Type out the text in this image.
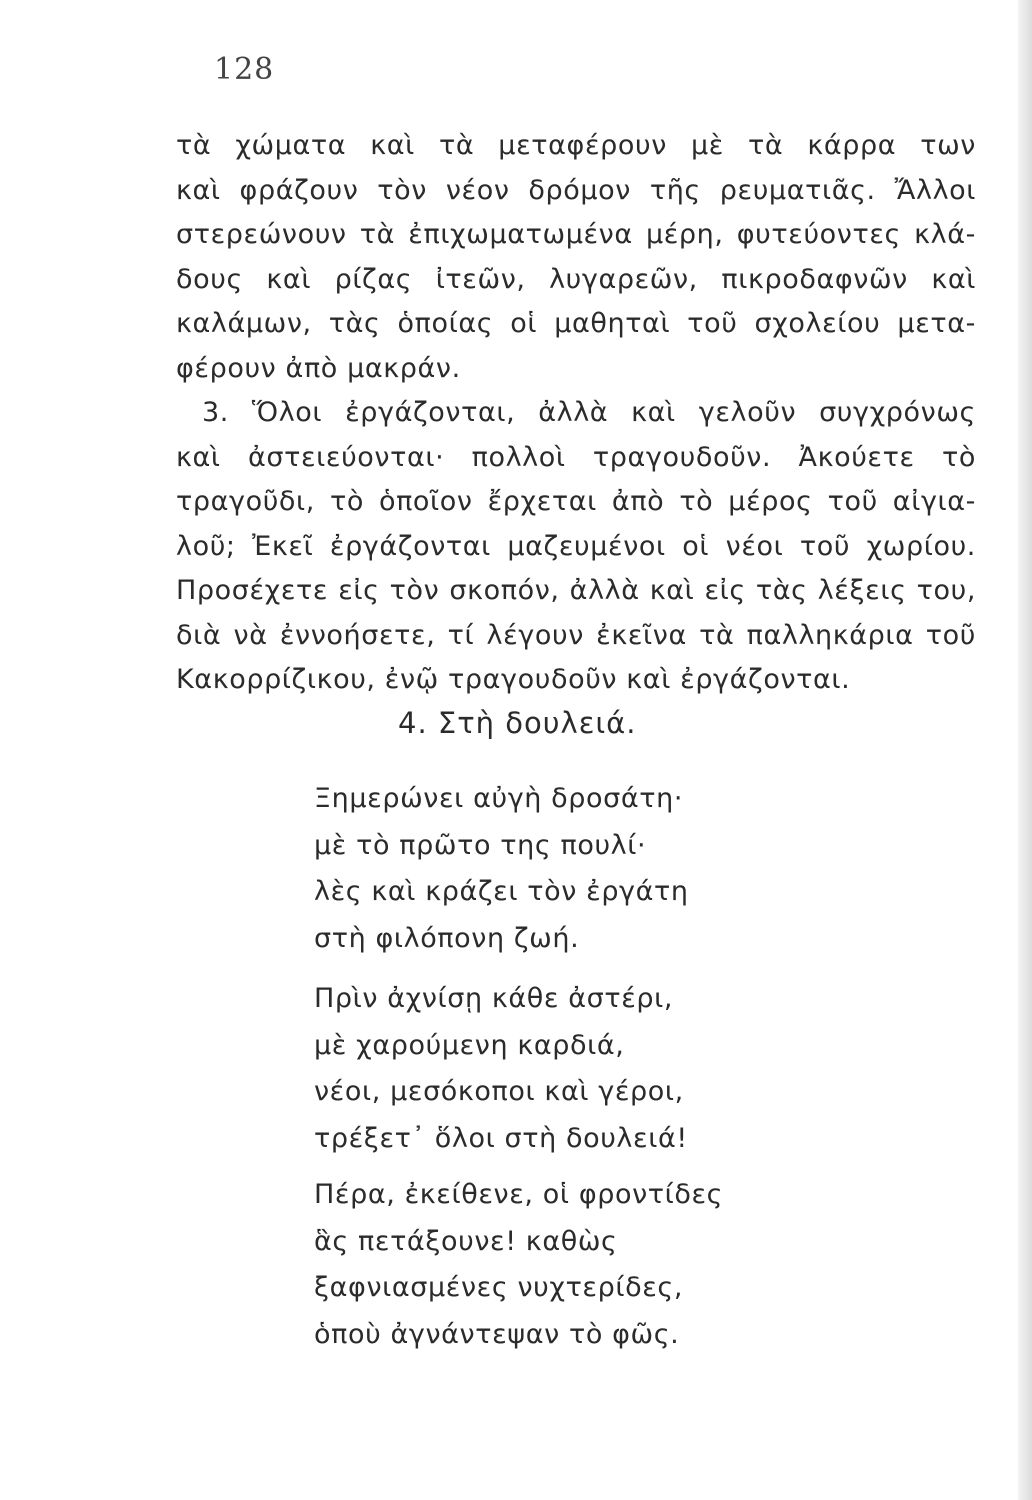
128
τὰ χώματα καὶ τὰ μεταφέρουν μὲ τὰ κάρρα των
καὶ φράζουν τὸν νέον δρόμον τῆς ρευματιᾶς. Ἄλλοι
στερεώνουν τὰ ἐπιχωματωμένα μέρη, φυτεύοντες κλά-
δους καὶ ρίζας ἰτεῶν, λυγαρεῶν, πικροδαφνῶν καὶ
καλάμων, τὰς ὁποίας οἱ μαθηταὶ τοῦ σχολείου μετα-
φέρουν ἀπὸ μακράν.
3. Ὅλοι ἐργάζονται, ἀλλὰ καὶ γελοῦν συγχρόνως
καὶ ἀστειεύονται· πολλοὶ τραγουδοῦν. Ἀκούετε τὸ
τραγοῦδι, τὸ ὁποῖον ἔρχεται ἀπὸ τὸ μέρος τοῦ αἰγια-
λοῦ; Ἐκεῖ ἐργάζονται μαζευμένοι οἱ νέοι τοῦ χωρίου.
Προσέχετε εἰς τὸν σκοπόν, ἀλλὰ καὶ εἰς τὰς λέξεις του,
διὰ νὰ ἐννοήσετε, τί λέγουν ἐκεῖνα τὰ παλληκάρια τοῦ
Κακορρίζικου, ἐνῷ τραγουδοῦν καὶ ἐργάζονται.
4. Στὴ δουλειά.
Ξημερώνει αὐγὴ δροσάτη·
μὲ τὸ πρῶτο της πουλί·
λὲς καὶ κράζει τὸν ἐργάτη
στὴ φιλόπονη ζωή.
Πρὶν ἀχνίσῃ κάθε ἀστέρι,
μὲ χαρούμενη καρδιά,
νέοι, μεσόκοποι καὶ γέροι,
τρέξετ᾽ ὅλοι στὴ δουλειά!
Πέρα, ἐκείθενε, οἱ φροντίδες
ἃς πετάξουνε! καθὼς
ξαφνιασμένες νυχτερίδες,
ὁποὺ ἀγνάντεψαν τὸ φῶς.
